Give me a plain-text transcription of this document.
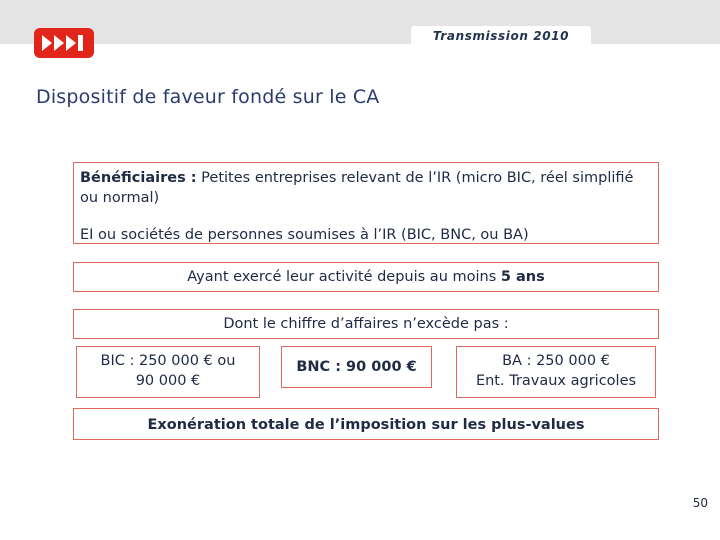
Transmission 2010
Dispositif de faveur fondé sur le CA

Bénéficiaires : Petites entreprises relevant de l’IR (micro BIC, réel simplifié ou normal)

EI ou sociétés de personnes soumises à l’IR (BIC, BNC, ou BA)

Ayant exercé leur activité depuis au moins 5 ans
Dont le chiffre d’affaires n’excède pas :
BIC : 250 000 € ou
90 000 €
BNC : 90 000 €	BA : 250 000 €
Ent. Travaux agricoles
Exonération totale de l’imposition sur les plus-values
50
